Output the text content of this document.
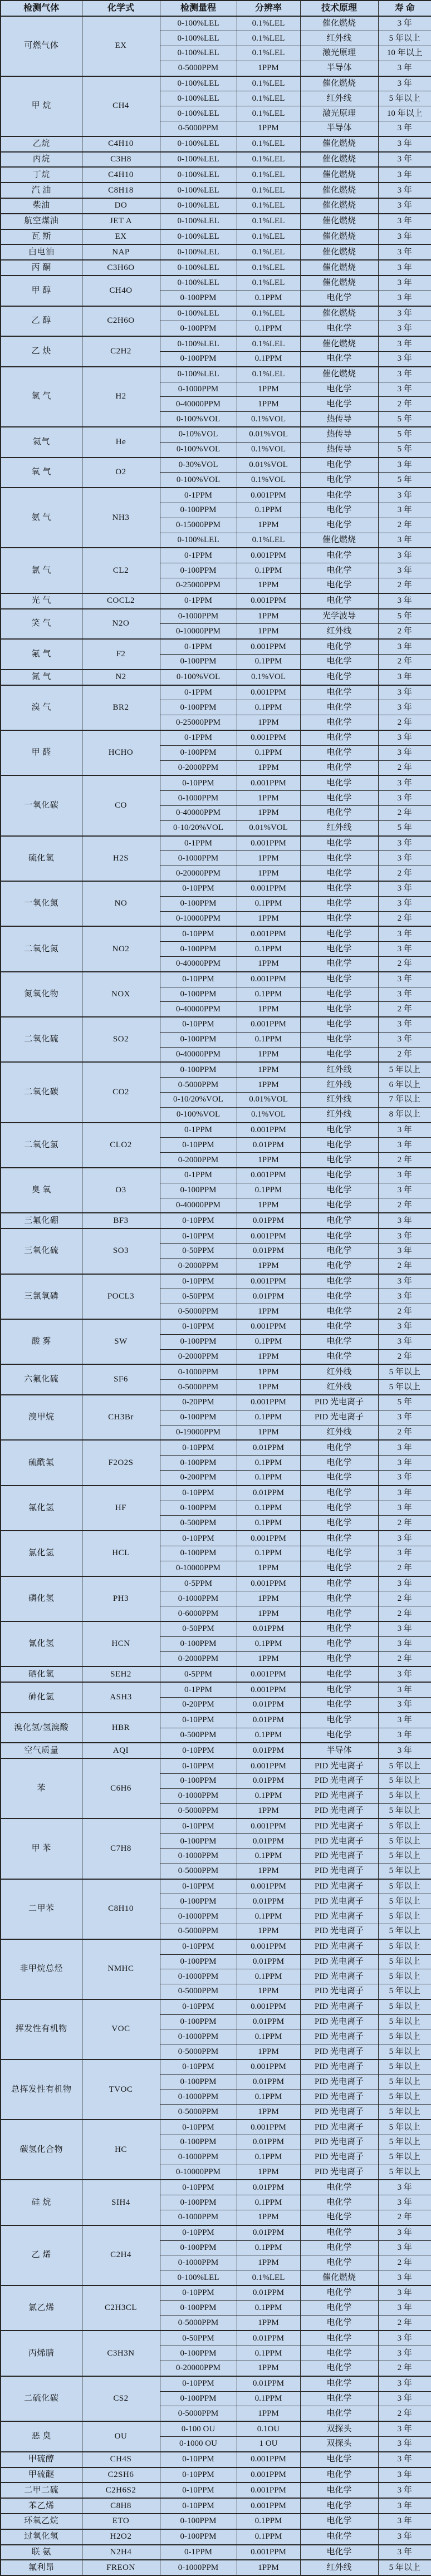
检测气体	化学式	检测量程	分辨率	技术原理	寿 命
可燃气体	EX	0-100%LEL	0.1%LEL	催化燃烧	3 年
		0-100%LEL	0.1%LEL	红外线	5 年以上
		0-100%LEL	0.1%LEL	激光原理	10 年以上
		0-5000PPM	1PPM	半导体	3 年
甲 烷	CH4	0-100%LEL	0.1%LEL	催化燃烧	3 年
		0-100%LEL	0.1%LEL	红外线	5 年以上
		0-100%LEL	0.1%LEL	激光原理	10 年以上
		0-5000PPM	1PPM	半导体	3 年
乙烷	C4H10	0-100%LEL	0.1%LEL	催化燃烧	3 年
丙烷	C3H8	0-100%LEL	0.1%LEL	催化燃烧	3 年
丁烷	C4H10	0-100%LEL	0.1%LEL	催化燃烧	3 年
汽 油	C8H18	0-100%LEL	0.1%LEL	催化燃烧	3 年
柴油	DO	0-100%LEL	0.1%LEL	催化燃烧	3 年
航空煤油	JET A	0-100%LEL	0.1%LEL	催化燃烧	3 年
瓦 斯	EX	0-100%LEL	0.1%LEL	催化燃烧	3 年
白电油	NAP	0-100%LEL	0.1%LEL	催化燃烧	3 年
丙 酮	C3H6O	0-100%LEL	0.1%LEL	催化燃烧	3 年
甲 醇	CH4O	0-100%LEL	0.1%LEL	催化燃烧	3 年
		0-100PPM	0.1PPM	电化学	3 年
乙 醇	C2H6O	0-100%LEL	0.1%LEL	催化燃烧	3 年
		0-100PPM	0.1PPM	电化学	3 年
乙 炔	C2H2	0-100%LEL	0.1%LEL	催化燃烧	3 年
		0-100PPM	0.1PPM	电化学	3 年
氢 气	H2	0-100%LEL	0.1%LEL	催化燃烧	3 年
		0-1000PPM	1PPM	电化学	3 年
		0-40000PPM	1PPM	电化学	2 年
		0-100%VOL	0.1%VOL	热传导	5 年
氦气	He	0-10%VOL	0.01%VOL	热传导	5 年
		0-100%VOL	0.1%VOL	热传导	5 年
氧 气	O2	0-30%VOL	0.01%VOL	电化学	3 年
		0-100%VOL	0.1%VOL	电化学	5 年
氨 气	NH3	0-1PPM	0.001PPM	电化学	3 年
		0-100PPM	0.1PPM	电化学	3 年
		0-15000PPM	1PPM	电化学	2 年
		0-100%LEL	0.1%LEL	催化燃烧	3 年
氯 气	CL2	0-1PPM	0.001PPM	电化学	3 年
		0-100PPM	0.1PPM	电化学	3 年
		0-25000PPM	1PPM	电化学	2 年
光 气	COCL2	0-1PPM	0.001PPM	电化学	3 年
笑 气	N2O	0-1000PPM	1PPM	光学波导	5 年
		0-10000PPM	1PPM	红外线	2 年
氟 气	F2	0-1PPM	0.001PPM	电化学	3 年
		0-100PPM	0.1PPM	电化学	2 年
氮 气	N2	0-100%VOL	0.1%VOL	电化学	3 年
溴 气	BR2	0-1PPM	0.001PPM	电化学	3 年
		0-100PPM	0.1PPM	电化学	3 年
		0-25000PPM	1PPM	电化学	2 年
甲 醛	HCHO	0-1PPM	0.001PPM	电化学	3 年
		0-100PPM	0.1PPM	电化学	3 年
		0-2000PPM	1PPM	电化学	2 年
一氧化碳	CO	0-10PPM	0.001PPM	电化学	3 年
		0-1000PPM	1PPM	电化学	3 年
		0-40000PPM	1PPM	电化学	2 年
		0-10/20%VOL	0.01%VOL	红外线	5 年
硫化氢	H2S	0-1PPM	0.001PPM	电化学	3 年
		0-1000PPM	1PPM	电化学	3 年
		0-20000PPM	1PPM	电化学	2 年
一氧化氮	NO	0-10PPM	0.001PPM	电化学	3 年
		0-100PPM	0.1PPM	电化学	3 年
		0-10000PPM	1PPM	电化学	2 年
二氧化氮	NO2	0-10PPM	0.001PPM	电化学	3 年
		0-100PPM	0.1PPM	电化学	3 年
		0-40000PPM	1PPM	电化学	2 年
氮氧化物	NOX	0-10PPM	0.001PPM	电化学	3 年
		0-100PPM	0.1PPM	电化学	3 年
		0-40000PPM	1PPM	电化学	2 年
二氧化硫	SO2	0-10PPM	0.001PPM	电化学	3 年
		0-100PPM	0.1PPM	电化学	3 年
		0-40000PPM	1PPM	电化学	2 年
二氧化碳	CO2	0-100PPM	1PPM	红外线	5 年以上
		0-5000PPM	1PPM	红外线	6 年以上
		0-10/20%VOL	0.01%VOL	红外线	7 年以上
		0-100%VOL	0.1%VOL	红外线	8 年以上
二氧化氯	CLO2	0-1PPM	0.001PPM	电化学	3 年
		0-10PPM	0.01PPM	电化学	3 年
		0-2000PPM	1PPM	电化学	2 年
臭 氧	O3	0-1PPM	0.001PPM	电化学	3 年
		0-100PPM	0.1PPM	电化学	3 年
		0-40000PPM	1PPM	电化学	2 年
三氟化硼	BF3	0-10PPM	0.01PPM	电化学	3 年
三氧化硫	SO3	0-10PPM	0.001PPM	电化学	3 年
		0-50PPM	0.01PPM	电化学	3 年
		0-2000PPM	1PPM	电化学	2 年
三氯氧磷	POCL3	0-10PPM	0.001PPM	电化学	3 年
		0-50PPM	0.01PPM	电化学	3 年
		0-5000PPM	1PPM	电化学	2 年
酸 雾	SW	0-10PPM	0.001PPM	电化学	3 年
		0-100PPM	0.1PPM	电化学	3 年
		0-2000PPM	1PPM	电化学	2 年
六氟化硫	SF6	0-1000PPM	1PPM	红外线	5 年以上
		0-5000PPM	1PPM	红外线	5 年以上
溴甲烷	CH3Br	0-20PPM	0.001PPM	PID 光电离子	5 年
		0-100PPM	0.1PPM	PID 光电离子	3 年
		0-19000PPM	1PPM	红外线	2 年
硫酰氟	F2O2S	0-10PPM	0.01PPM	电化学	3 年
		0-100PPM	0.1PPM	电化学	3 年
		0-200PPM	0.1PPM	电化学	3 年
氟化氢	HF	0-10PPM	0.01PPM	电化学	3 年
		0-100PPM	0.1PPM	电化学	3 年
		0-500PPM	0.1PPM	电化学	2 年
氯化氢	HCL	0-10PPM	0.001PPM	电化学	3 年
		0-100PPM	0.1PPM	电化学	3 年
		0-10000PPM	1PPM	电化学	2 年
磷化氢	PH3	0-5PPM	0.001PPM	电化学	3 年
		0-1000PPM	1PPM	电化学	2 年
		0-6000PPM	1PPM	电化学	2 年
氰化氢	HCN	0-50PPM	0.01PPM	电化学	3 年
		0-100PPM	0.1PPM	电化学	3 年
		0-2000PPM	1PPM	电化学	2 年
硒化氢	SEH2	0-5PPM	0.001PPM	电化学	3 年
砷化氢	ASH3	0-1PPM	0.001PPM	电化学	3 年
		0-20PPM	0.01PPM	电化学	3 年
溴化氢/氢溴酸	HBR	0-10PPM	0.01PPM	电化学	3 年
		0-500PPM	0.1PPM	电化学	3 年
空气质量	AQI	0-10PPM	0.01PPM	半导体	3 年
苯	C6H6	0-10PPM	0.001PPM	PID 光电离子	5 年以上
		0-100PPM	0.01PPM	PID 光电离子	5 年以上
		0-1000PPM	0.1PPM	PID 光电离子	5 年以上
		0-5000PPM	1PPM	PID 光电离子	5 年以上
甲 苯	C7H8	0-10PPM	0.001PPM	PID 光电离子	5 年以上
		0-100PPM	0.01PPM	PID 光电离子	5 年以上
		0-1000PPM	0.1PPM	PID 光电离子	5 年以上
		0-5000PPM	1PPM	PID 光电离子	5 年以上
二甲苯	C8H10	0-10PPM	0.001PPM	PID 光电离子	5 年以上
		0-100PPM	0.01PPM	PID 光电离子	5 年以上
		0-1000PPM	0.1PPM	PID 光电离子	5 年以上
		0-5000PPM	1PPM	PID 光电离子	5 年以上
非甲烷总烃	NMHC	0-10PPM	0.001PPM	PID 光电离子	5 年以上
		0-100PPM	0.01PPM	PID 光电离子	5 年以上
		0-1000PPM	0.1PPM	PID 光电离子	5 年以上
		0-5000PPM	1PPM	PID 光电离子	5 年以上
挥发性有机物	VOC	0-10PPM	0.001PPM	PID 光电离子	5 年以上
		0-100PPM	0.01PPM	PID 光电离子	5 年以上
		0-1000PPM	0.1PPM	PID 光电离子	5 年以上
		0-5000PPM	1PPM	PID 光电离子	5 年以上
总挥发性有机物	TVOC	0-10PPM	0.001PPM	PID 光电离子	5 年以上
		0-100PPM	0.01PPM	PID 光电离子	5 年以上
		0-1000PPM	0.1PPM	PID 光电离子	5 年以上
		0-5000PPM	1PPM	PID 光电离子	5 年以上
碳氢化合物	HC	0-10PPM	0.001PPM	PID 光电离子	5 年以上
		0-100PPM	0.01PPM	PID 光电离子	5 年以上
		0-1000PPM	0.1PPM	PID 光电离子	5 年以上
		0-10000PPM	1PPM	PID 光电离子	5 年以上
硅 烷	SIH4	0-10PPM	0.01PPM	电化学	3 年
		0-100PPM	0.1PPM	电化学	3 年
		0-1000PPM	1PPM	电化学	2 年
乙 烯	C2H4	0-10PPM	0.01PPM	电化学	3 年
		0-100PPM	0.1PPM	电化学	3 年
		0-1000PPM	1PPM	电化学	2 年
		0-100%LEL	0.1%LEL	催化燃烧	3 年
氯乙烯	C2H3CL	0-10PPM	0.01PPM	电化学	3 年
		0-100PPM	0.1PPM	电化学	3 年
		0-5000PPM	1PPM	电化学	2 年
丙烯腈	C3H3N	0-50PPM	0.01PPM	电化学	3 年
		0-100PPM	0.1PPM	电化学	3 年
		0-20000PPM	1PPM	电化学	2 年
二硫化碳	CS2	0-10PPM	0.01PPM	电化学	3 年
		0-100PPM	0.1PPM	电化学	3 年
		0-5000PPM	1PPM	电化学	2 年
恶 臭	OU	0-100 OU	0.1OU	双探头	3 年
		0-1000 OU	1 OU	双探头	3 年
甲硫醇	CH4S	0-10PPM	0.001PPM	电化学	3 年
甲硫醚	C2SH6	0-10PPM	0.001PPM	电化学	3 年
二甲二硫	C2H6S2	0-10PPM	0.001PPM	电化学	3 年
苯乙烯	C8H8	0-10PPM	0.001PPM	电化学	3 年
环氧乙烷	ETO	0-100PPM	0.1PPM	电化学	3 年
过氧化氢	H2O2	0-100PPM	0.1PPM	电化学	3 年
联 氨	N2H4	0-1PPM	0.001PPM	电化学	3 年
氟利昂	FREON	0-1000PPM	1PPM	红外线	5 年以上
